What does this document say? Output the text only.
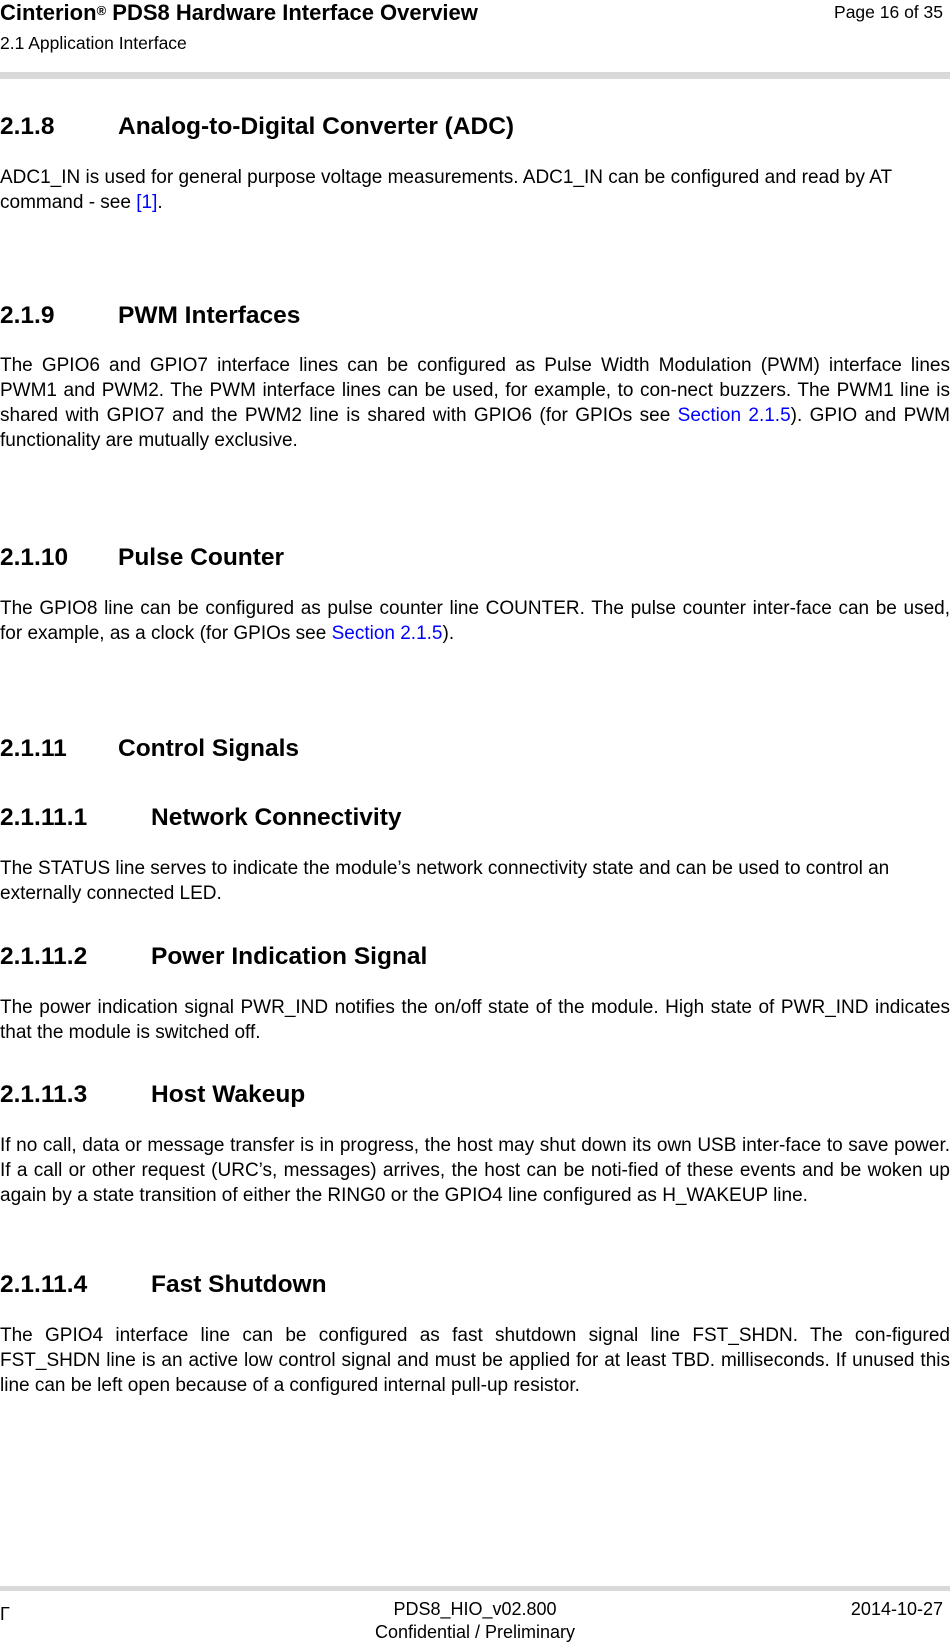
Cinterion® PDS8 Hardware Interface Overview
2.1 Application Interface
Page 16 of 35
2.1.8	Analog-to-Digital Converter (ADC)
ADC1_IN is used for general purpose voltage measurements. ADC1_IN can be configured and read by AT command - see [1].
2.1.9	PWM Interfaces
The GPIO6 and GPIO7 interface lines can be configured as Pulse Width Modulation (PWM) interface lines PWM1 and PWM2. The PWM interface lines can be used, for example, to con-nect buzzers. The PWM1 line is shared with GPIO7 and the PWM2 line is shared with GPIO6 (for GPIOs see Section 2.1.5). GPIO and PWM functionality are mutually exclusive.
2.1.10 Pulse Counter
The GPIO8 line can be configured as pulse counter line COUNTER. The pulse counter inter-face can be used, for example, as a clock (for GPIOs see Section 2.1.5).
2.1.11 Control Signals
2.1.11.1	Network Connectivity
The STATUS line serves to indicate the module’s network connectivity state and can be used to control an externally connected LED.
2.1.11.2	Power Indication Signal
The power indication signal PWR_IND notifies the on/off state of the module. High state of PWR_IND indicates that the module is switched off.
2.1.11.3	Host Wakeup
If no call, data or message transfer is in progress, the host may shut down its own USB inter-face to save power. If a call or other request (URC’s, messages) arrives, the host can be noti-fied of these events and be woken up again by a state transition of either the RING0 or the GPIO4 line configured as H_WAKEUP line.
2.1.11.4	Fast Shutdown
The GPIO4 interface line can be configured as fast shutdown signal line FST_SHDN. The con-figured FST_SHDN line is an active low control signal and must be applied for at least TBD. milliseconds. If unused this line can be left open because of a configured internal pull-up resistor.
Γ	PDS8_HIO_v02.800
Confidential / Preliminary
2014-10-27
